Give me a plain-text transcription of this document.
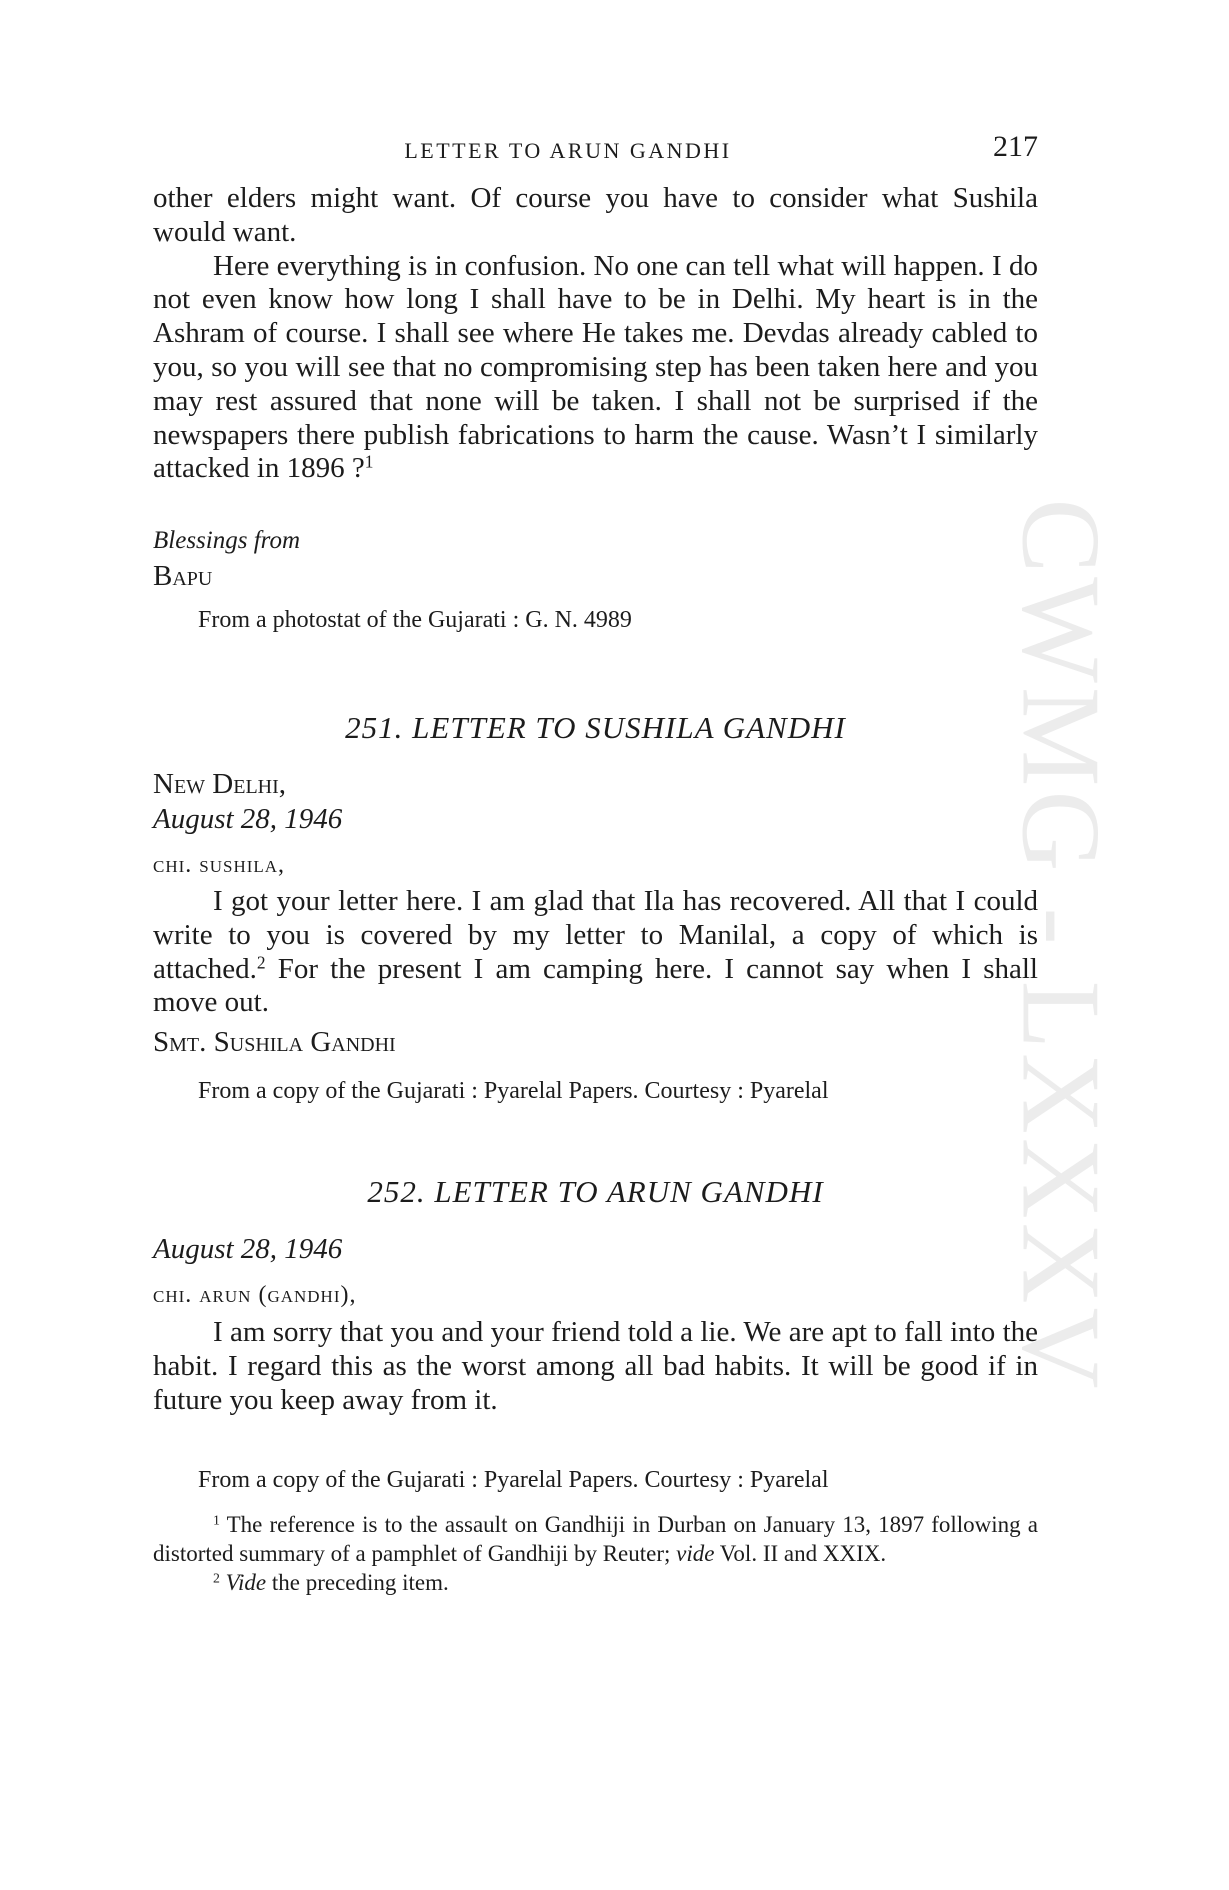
CWMG - LXXXV
LETTER TO ARUN GANDHI	217

other elders might want. Of course you have to consider what Sushila would want.

Here everything is in confusion. No one can tell what will happen. I do not even know how long I shall have to be in Delhi. My heart is in the Ashram of course. I shall see where He takes me. Devdas already cabled to you, so you will see that no compromising step has been taken here and you may rest assured that none will be taken. I shall not be surprised if the newspapers there publish fabrications to harm the cause. Wasn’t I similarly attacked in 1896 ?$^1$

Blessings from
Bapu
From a photostat of the Gujarati : G. N. 4989
251. LETTER TO SUSHILA GANDHI
New Delhi,
August 28, 1946
chi. sushila,

I got your letter here. I am glad that Ila has recovered. All that I could write to you is covered by my letter to Manilal, a copy of which is attached.$^2$ For the present I am camping here. I cannot say when I shall move out.

Smt. Sushila Gandhi
From a copy of the Gujarati : Pyarelal Papers. Courtesy : Pyarelal
252. LETTER TO ARUN GANDHI
August 28, 1946
chi. arun (gandhi),

I am sorry that you and your friend told a lie. We are apt to fall into the habit. I regard this as the worst among all bad habits. It will be good if in future you keep away from it.

From a copy of the Gujarati : Pyarelal Papers. Courtesy : Pyarelal

$^1$ The reference is to the assault on Gandhiji in Durban on January 13, 1897 following a distorted summary of a pamphlet of Gandhiji by Reuter; vide Vol. II and XXIX.

$^2$ Vide the preceding item.
